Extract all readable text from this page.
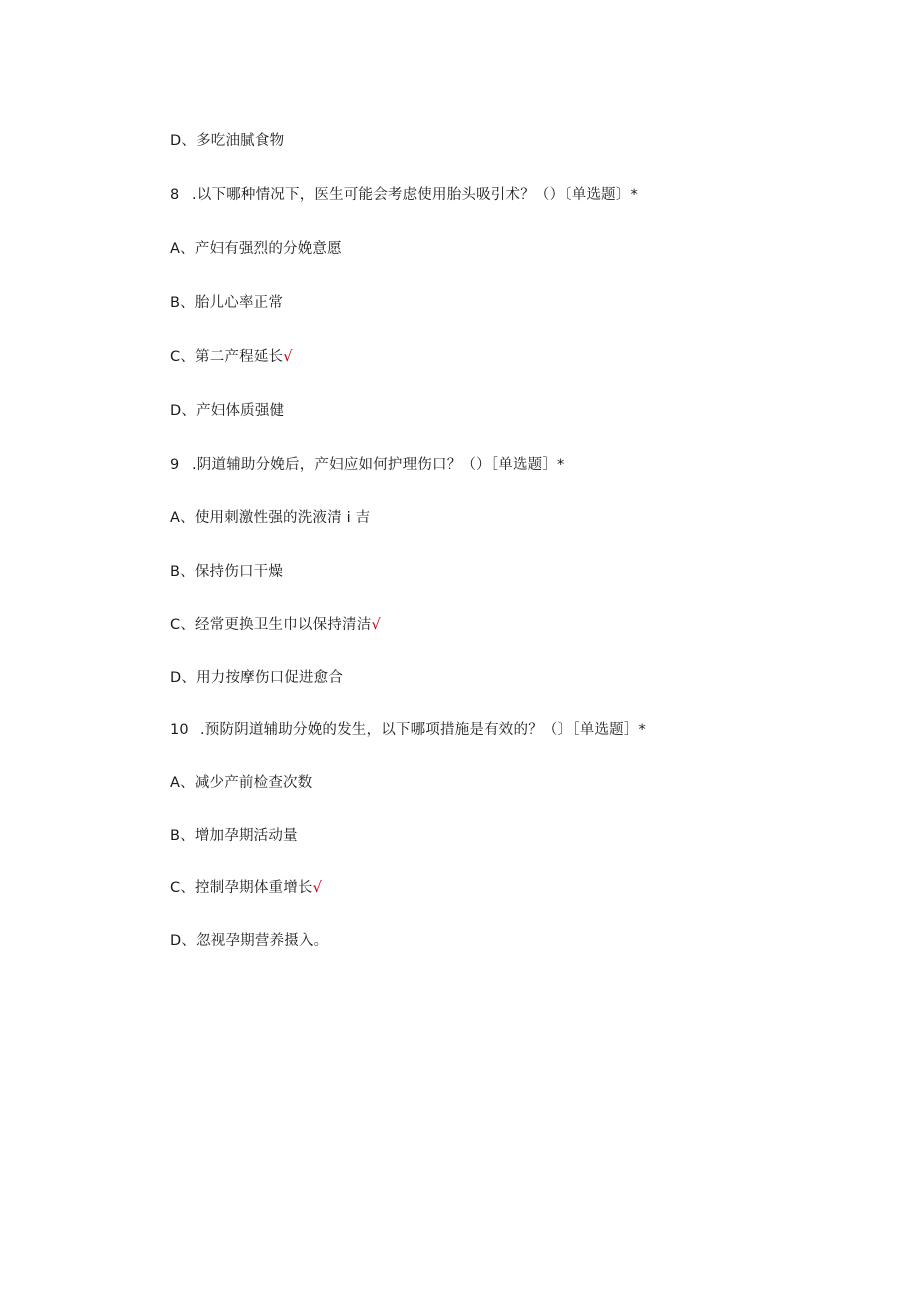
D、多吃油腻食物
8 .以下哪种情况下，医生可能会考虑使用胎头吸引术？（）〔单选题〕*
A、产妇有强烈的分娩意愿
B、胎儿心率正常
C、第二产程延长√
D、产妇体质强健
9 .阴道辅助分娩后，产妇应如何护理伤口？（）［单选题］*
A、使用刺激性强的洗液清 i 吉
B、保持伤口干燥
C、经常更换卫生巾以保持清洁√
D、用力按摩伤口促进愈合
10 .预防阴道辅助分娩的发生，以下哪项措施是有效的？（〕［单选题］*
A、减少产前检查次数
B、增加孕期活动量
C、控制孕期体重增长√
D、忽视孕期营养摄入。
